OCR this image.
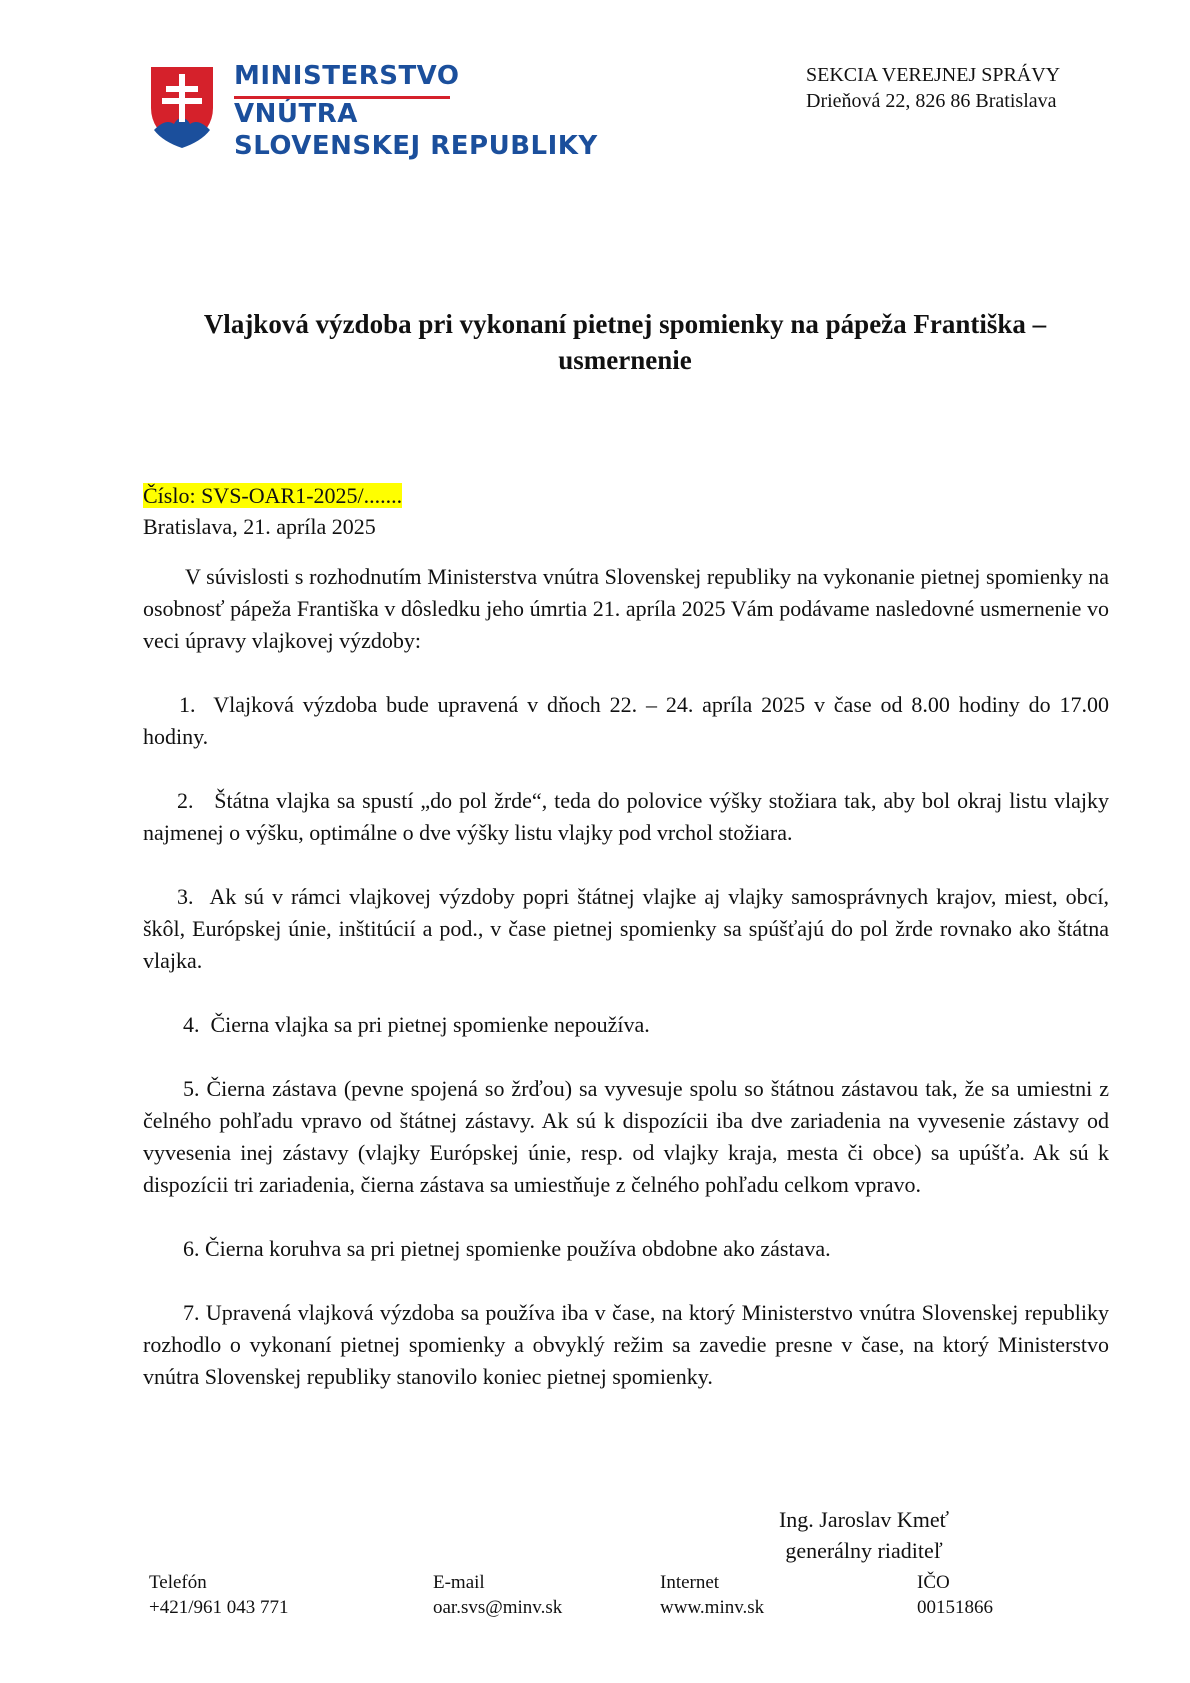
MINISTERSTVO
VNÚTRA
SLOVENSKEJ REPUBLIKY
SEKCIA VEREJNEJ SPRÁVY
Drieňová 22, 826 86 Bratislava
Vlajková výzdoba pri vykonaní pietnej spomienky na pápeža Františka –
usmernenie
Číslo: SVS-OAR1-2025/.......
Bratislava, 21. apríla 2025

V súvislosti s rozhodnutím Ministerstva vnútra Slovenskej republiky na vykonanie pietnej spomienky na osobnosť pápeža Františka v dôsledku jeho úmrtia 21. apríla 2025 Vám podávame nasledovné usmernenie vo veci úpravy vlajkovej výzdoby:

1. Vlajková výzdoba bude upravená v dňoch 22. – 24. apríla 2025 v čase od 8.00 hodiny do 17.00 hodiny.

2. Štátna vlajka sa spustí „do pol žrde“, teda do polovice výšky stožiara tak, aby bol okraj listu vlajky najmenej o výšku, optimálne o dve výšky listu vlajky pod vrchol stožiara.

3. Ak sú v rámci vlajkovej výzdoby popri štátnej vlajke aj vlajky samosprávnych krajov, miest, obcí, škôl, Európskej únie, inštitúcií a pod., v čase pietnej spomienky sa spúšťajú do pol žrde rovnako ako štátna vlajka.

4. Čierna vlajka sa pri pietnej spomienke nepoužíva.

5. Čierna zástava (pevne spojená so žrďou) sa vyvesuje spolu so štátnou zástavou tak, že sa umiestni z čelného pohľadu vpravo od štátnej zástavy. Ak sú k dispozícii iba dve zariadenia na vyvesenie zástavy od vyvesenia inej zástavy (vlajky Európskej únie, resp. od vlajky kraja, mesta či obce) sa upúšťa. Ak sú k dispozícii tri zariadenia, čierna zástava sa umiestňuje z čelného pohľadu celkom vpravo.

6. Čierna koruhva sa pri pietnej spomienke používa obdobne ako zástava.

7. Upravená vlajková výzdoba sa používa iba v čase, na ktorý Ministerstvo vnútra Slovenskej republiky rozhodlo o vykonaní pietnej spomienky a obvyklý režim sa zavedie presne v čase, na ktorý Ministerstvo vnútra Slovenskej republiky stanovilo koniec pietnej spomienky.

Ing. Jaroslav Kmeť
generálny riaditeľ
Telefón
+421/961 043 771
E-mail
oar.svs@minv.sk
Internet
www.minv.sk
IČO
00151866
